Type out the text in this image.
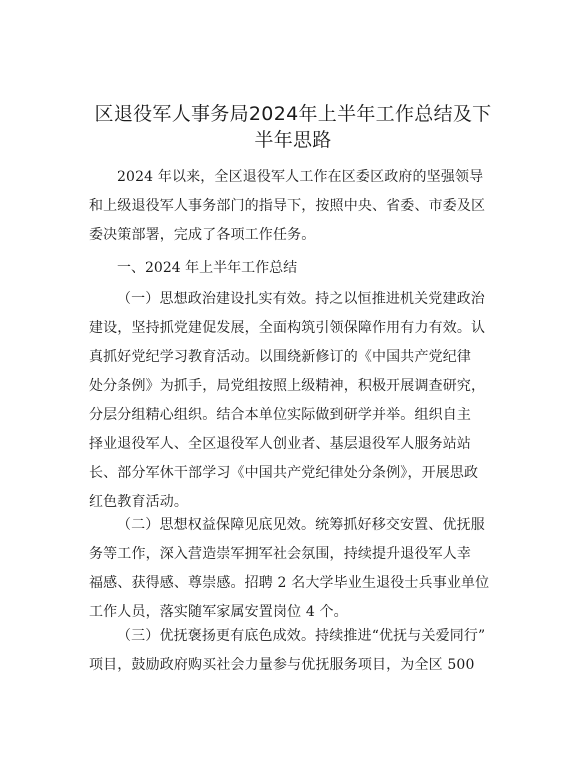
区退役军人事务局2024年上半年工作总结及下
半年思路
2024 年以来，全区退役军人工作在区委区政府的坚强领导
和上级退役军人事务部门的指导下，按照中央、省委、市委及区
委决策部署，完成了各项工作任务。
一、2024 年上半年工作总结
（一）思想政治建设扎实有效。持之以恒推进机关党建政治
建设，坚持抓党建促发展，全面构筑引领保障作用有力有效。认
真抓好党纪学习教育活动。以围绕新修订的《中国共产党纪律
处分条例》为抓手，局党组按照上级精神，积极开展调查研究，
分层分组精心组织。结合本单位实际做到研学并举。组织自主
择业退役军人、全区退役军人创业者、基层退役军人服务站站
长、部分军休干部学习《中国共产党纪律处分条例》，开展思政
红色教育活动。
（二）思想权益保障见底见效。统筹抓好移交安置、优抚服
务等工作，深入营造崇军拥军社会氛围，持续提升退役军人幸
福感、获得感、尊崇感。招聘 2 名大学毕业生退役士兵事业单位
工作人员，落实随军家属安置岗位 4 个。
（三）优抚褒扬更有底色成效。持续推进“优抚与关爱同行”
项目，鼓励政府购买社会力量参与优抚服务项目，为全区 500
